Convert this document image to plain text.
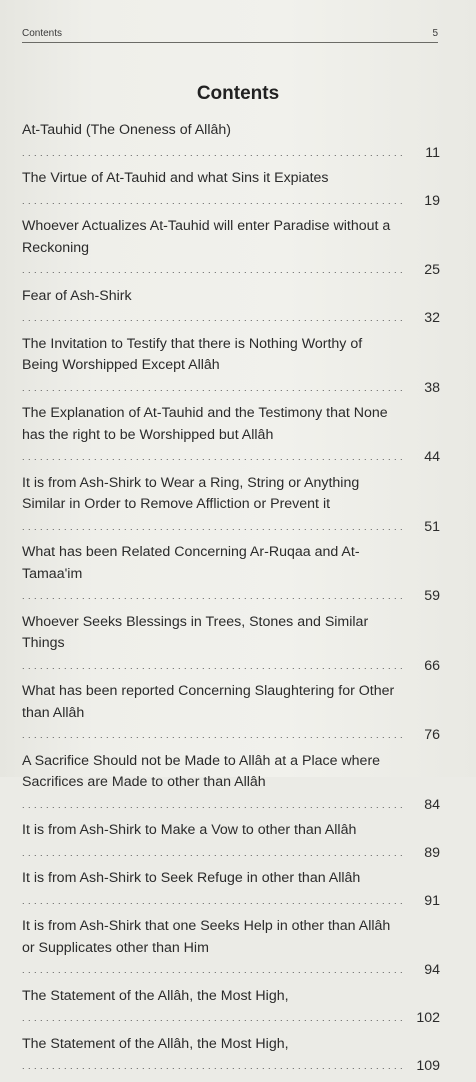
Contents	5
Contents
At-Tauhid (The Oneness of Allâh) . . .
11
The Virtue of At-Tauhid and what Sins it Expiates . . .
19
Whoever Actualizes At-Tauhid will enter Paradise without a Reckoning . . .
25
Fear of Ash-Shirk . . .
32
The Invitation to Testify that there is Nothing Worthy of Being Worshipped Except Allâh . . .
38
The Explanation of At-Tauhid and the Testimony that None has the right to be Worshipped but Allâh . . .
44
It is from Ash-Shirk to Wear a Ring, String or Anything Similar in Order to Remove Affliction or Prevent it . . .
51
What has been Related Concerning Ar-Ruqaa and At-Tamaa'im . . .
59
Whoever Seeks Blessings in Trees, Stones and Similar Things . . .
66
What has been reported Concerning Slaughtering for Other than Allâh . . .
76
A Sacrifice Should not be Made to Allâh at a Place where Sacrifices are Made to other than Allâh . . .
84
It is from Ash-Shirk to Make a Vow to other than Allâh . . .
89
It is from Ash-Shirk to Seek Refuge in other than Allâh . . .
91
It is from Ash-Shirk that one Seeks Help in other than Allâh or Supplicates other than Him . . .
94
The Statement of the Allâh, the Most High, . . .
102
The Statement of the Allâh, the Most High, . . .
109
